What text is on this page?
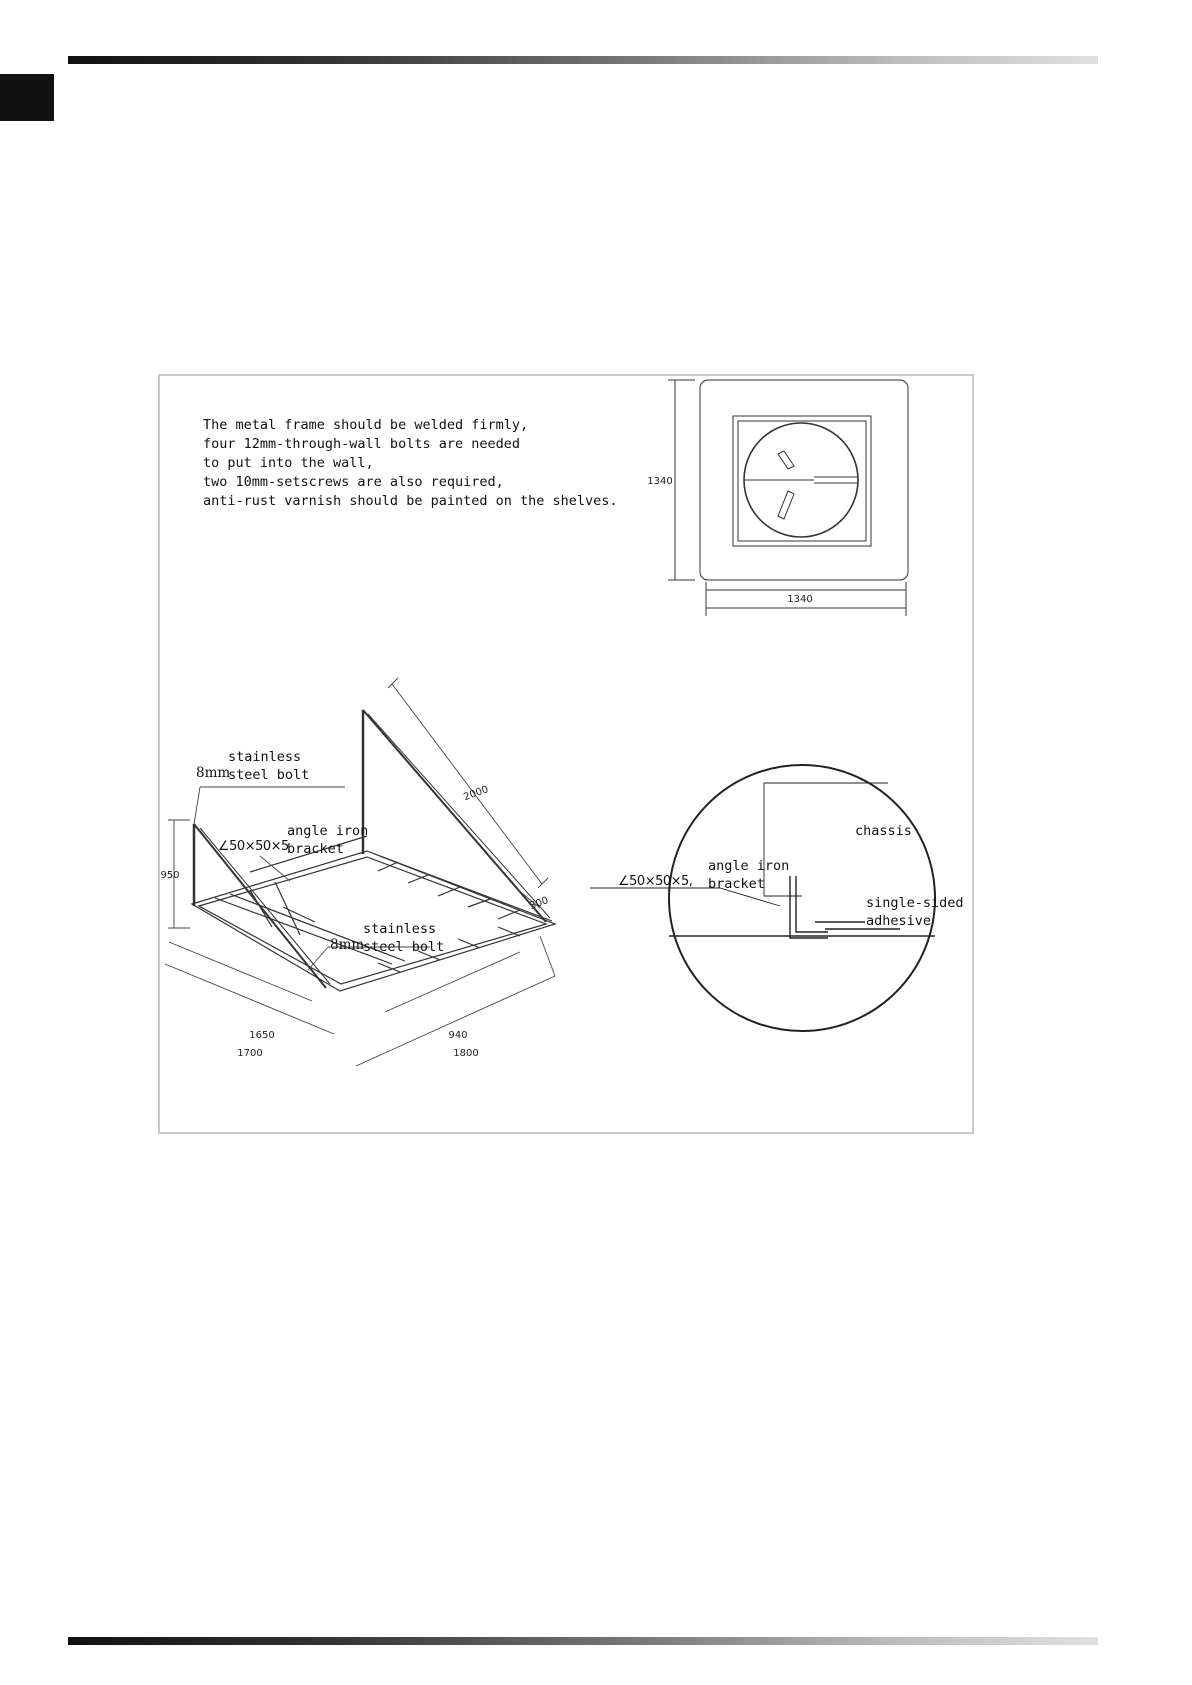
1340
1340
950
2000
300
1650
1700
940
1800

The metal frame should be welded firmly,
four 12mm-through-wall bolts are needed
to put into the wall,
two 10mm-setscrews are also required,
anti-rust varnish should be painted on the shelves.

8mm

stainless
steel bolt

∠50×50×5

angle iron
bracket

8mm

stainless
steel bolt

chassis

∠50×50×5,

angle iron
bracket

single-sided
adhesive
